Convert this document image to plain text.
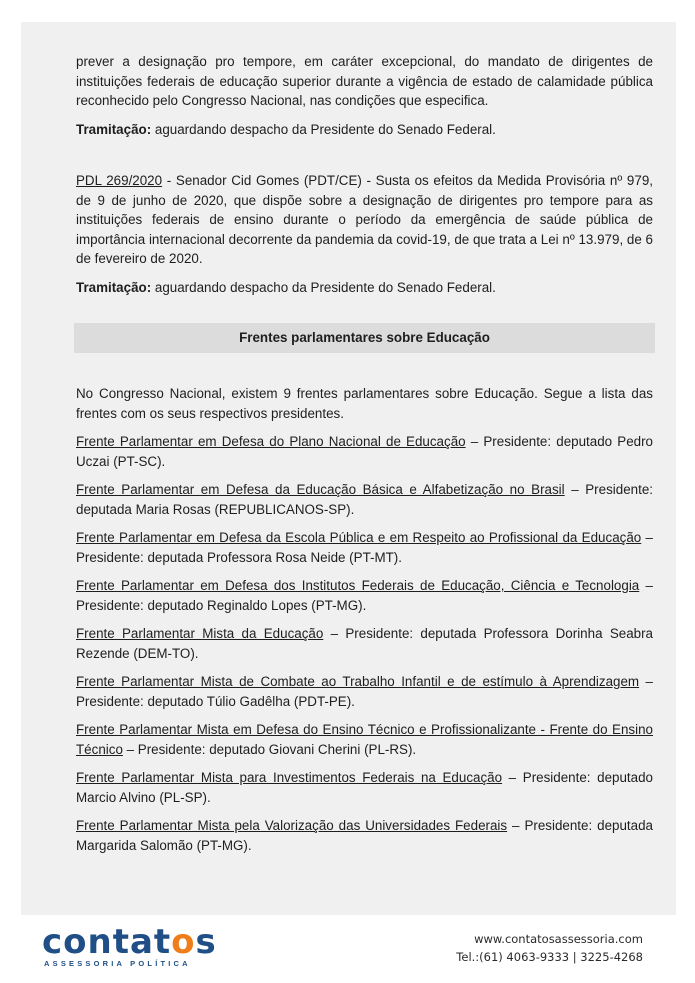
prever a designação pro tempore, em caráter excepcional, do mandato de dirigentes de instituições federais de educação superior durante a vigência de estado de calamidade pública reconhecido pelo Congresso Nacional, nas condições que especifica.

Tramitação: aguardando despacho da Presidente do Senado Federal.

PDL 269/2020 - Senador Cid Gomes (PDT/CE) - Susta os efeitos da Medida Provisória nº 979, de 9 de junho de 2020, que dispõe sobre a designação de dirigentes pro tempore para as instituições federais de ensino durante o período da emergência de saúde pública de importância internacional decorrente da pandemia da covid-19, de que trata a Lei nº 13.979, de 6 de fevereiro de 2020.

Tramitação: aguardando despacho da Presidente do Senado Federal.

Frentes parlamentares sobre Educação

No Congresso Nacional, existem 9 frentes parlamentares sobre Educação. Segue a lista das frentes com os seus respectivos presidentes.

Frente Parlamentar em Defesa do Plano Nacional de Educação – Presidente: deputado Pedro Uczai (PT-SC).

Frente Parlamentar em Defesa da Educação Básica e Alfabetização no Brasil – Presidente: deputada Maria Rosas (REPUBLICANOS-SP).

Frente Parlamentar em Defesa da Escola Pública e em Respeito ao Profissional da Educação – Presidente: deputada Professora Rosa Neide (PT-MT).

Frente Parlamentar em Defesa dos Institutos Federais de Educação, Ciência e Tecnologia – Presidente: deputado Reginaldo Lopes (PT-MG).

Frente Parlamentar Mista da Educação – Presidente: deputada Professora Dorinha Seabra Rezende (DEM-TO).

Frente Parlamentar Mista de Combate ao Trabalho Infantil e de estímulo à Aprendizagem – Presidente: deputado Túlio Gadêlha (PDT-PE).

Frente Parlamentar Mista em Defesa do Ensino Técnico e Profissionalizante - Frente do Ensino Técnico – Presidente: deputado Giovani Cherini (PL-RS).

Frente Parlamentar Mista para Investimentos Federais na Educação – Presidente: deputado Marcio Alvino (PL-SP).

Frente Parlamentar Mista pela Valorização das Universidades Federais – Presidente: deputada Margarida Salomão (PT-MG).

contatos
ASSESSORIA POLÍTICA
www.contatosassessoria.com
Tel.:(61) 4063-9333 | 3225-4268
